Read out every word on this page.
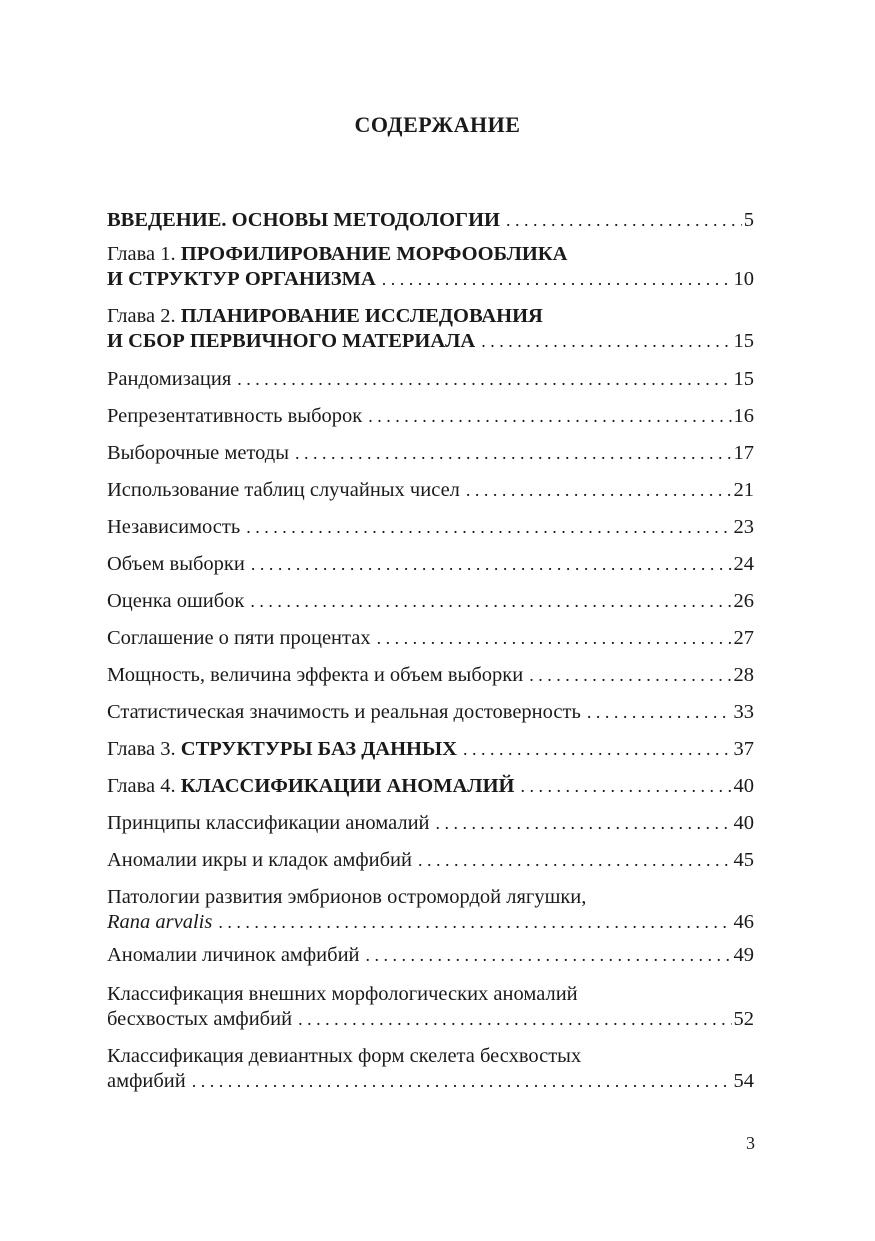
СОДЕРЖАНИЕ
ВВЕДЕНИЕ. ОСНОВЫ МЕТОДОЛОГИИ . . .	5
Глава 1. ПРОФИЛИРОВАНИЕ МОРФООБЛИКА
И СТРУКТУР ОРГАНИЗМА . . .	10
Глава 2. ПЛАНИРОВАНИЕ ИССЛЕДОВАНИЯ
И СБОР ПЕРВИЧНОГО МАТЕРИАЛА . . .	15
Рандомизация . . .	15
Репрезентативность выборок . . .	16
Выборочные методы . . .	17
Использование таблиц случайных чисел . . .	21
Независимость . . .	23
Объем выборки . . .	24
Оценка ошибок . . .	26
Соглашение о пяти процентах . . .	27
Мощность, величина эффекта и объем выборки . . .	28
Статистическая значимость и реальная достоверность . . .	33
Глава 3. СТРУКТУРЫ БАЗ ДАННЫХ . . .	37
Глава 4. КЛАССИФИКАЦИИ АНОМАЛИЙ . . .	40
Принципы классификации аномалий . . .	40
Аномалии икры и кладок амфибий . . .	45
Патологии развития эмбрионов остромордой лягушки,
Rana arvalis . . .	46
Аномалии личинок амфибий . . .	49
Классификация внешних морфологических аномалий
бесхвостых амфибий . . .	52
Классификация девиантных форм скелета бесхвостых
амфибий . . .	54
3
